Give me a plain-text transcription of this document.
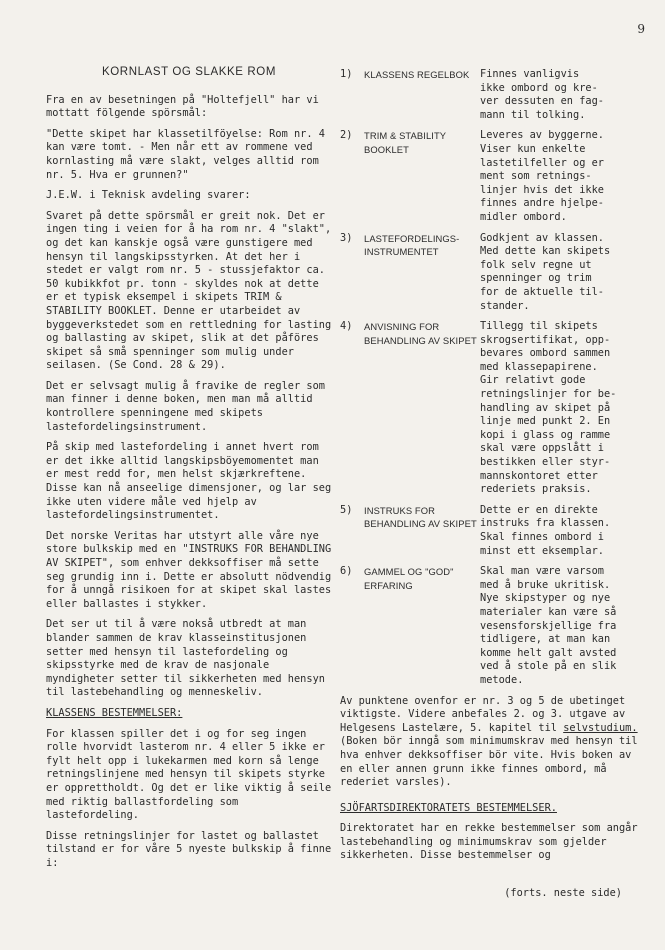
9
KORNLAST OG SLAKKE ROM

Fra en av besetningen på "Holtefjell" har vi mottatt fölgende spörsmål:

"Dette skipet har klassetilföyelse: Rom nr. 4 kan være tomt. - Men når ett av rommene ved kornlasting må være slakt, velges alltid rom nr. 5. Hva er grunnen?"

J.E.W. i Teknisk avdeling svarer:

Svaret på dette spörsmål er greit nok. Det er ingen ting i veien for å ha rom nr. 4 "slakt", og det kan kanskje også være gunstigere med hensyn til langskipsstyrken. At det her i stedet er valgt rom nr. 5 - stussjefaktor ca. 50 kubikkfot pr. tonn - skyldes nok at dette er et typisk eksempel i skipets TRIM & STABILITY BOOKLET. Denne er utarbeidet av byggeverkstedet som en rettledning for lasting og ballasting av skipet, slik at det påföres skipet så små spenninger som mulig under seilasen. (Se Cond. 28 & 29).

Det er selvsagt mulig å fravike de regler som man finner i denne boken, men man må alltid kontrollere spenningene med skipets lastefordelingsinstrument.

På skip med lastefordeling i annet hvert rom er det ikke alltid langskipsböyemomentet man er mest redd for, men helst skjærkreftene. Disse kan nå anseelige dimensjoner, og lar seg ikke uten videre måle ved hjelp av lastefordelingsinstrumentet.

Det norske Veritas har utstyrt alle våre nye store bulkskip med en "INSTRUKS FOR BEHANDLING AV SKIPET", som enhver dekksoffiser må sette seg grundig inn i. Dette er absolutt nödvendig for å unngå risikoen for at skipet skal lastes eller ballastes i stykker.

Det ser ut til å være nokså utbredt at man blander sammen de krav klasseinstitusjonen setter med hensyn til lastefordeling og skipsstyrke med de krav de nasjonale myndigheter setter til sikkerheten med hensyn til lastebehandling og menneskeliv.

KLASSENS BESTEMMELSER:

For klassen spiller det i og for seg ingen rolle hvorvidt lasterom nr. 4 eller 5 ikke er fylt helt opp i lukekarmen med korn så lenge retningslinjene med hensyn til skipets styrke er opprettholdt. Og det er like viktig å seile med riktig ballastfordeling som lastefordeling.

Disse retningslinjer for lastet og ballastet tilstand er for våre 5 nyeste bulkskip å finne i:

1)	KLASSENS REGELBOK	Finnes vanligvis
ikke ombord og kre-
ver dessuten en fag-
mann til tolking.
2)	TRIM & STABILITY BOOKLET
Leveres av byggerne.
Viser kun enkelte
lastetilfeller og er
ment som retnings-
linjer hvis det ikke
finnes andre hjelpe-
midler ombord.
3)	LASTEFORDELINGS-INSTRUMENTET
Godkjent av klassen.
Med dette kan skipets
folk selv regne ut
spenninger og trim
for de aktuelle til-
stander.
4)	ANVISNING FOR BEHANDLING AV SKIPET
Tillegg til skipets
skrogsertifikat, opp-
bevares ombord sammen
med klassepapirene.
Gir relativt gode
retningslinjer for be-
handling av skipet på
linje med punkt 2. En
kopi i glass og ramme
skal være oppslått i
bestikken eller styr-
mannskontoret etter
rederiets praksis.
5)	INSTRUKS FOR BEHANDLING AV SKIPET
Dette er en direkte
instruks fra klassen.
Skal finnes ombord i
minst ett eksemplar.
6)	GAMMEL OG "GOD" ERFARING
Skal man være varsom
med å bruke ukritisk.
Nye skipstyper og nye
materialer kan være så
vesensforskjellige fra
tidligere, at man kan
komme helt galt avsted
ved å stole på en slik
metode.

Av punktene ovenfor er nr. 3 og 5 de ubetinget viktigste. Videre anbefales 2. og 3. utgave av Helgesens Lastelære, 5. kapitel til selvstudium. (Boken bör inngå som minimumskrav med hensyn til hva enhver dekksoffiser bör vite. Hvis boken av en eller annen grunn ikke finnes ombord, må rederiet varsles).

SJÖFARTSDIREKTORATETS BESTEMMELSER.

Direktoratet har en rekke bestemmelser som angår lastebehandling og minimumskrav som gjelder sikkerheten. Disse bestemmelser og

(forts. neste side)
